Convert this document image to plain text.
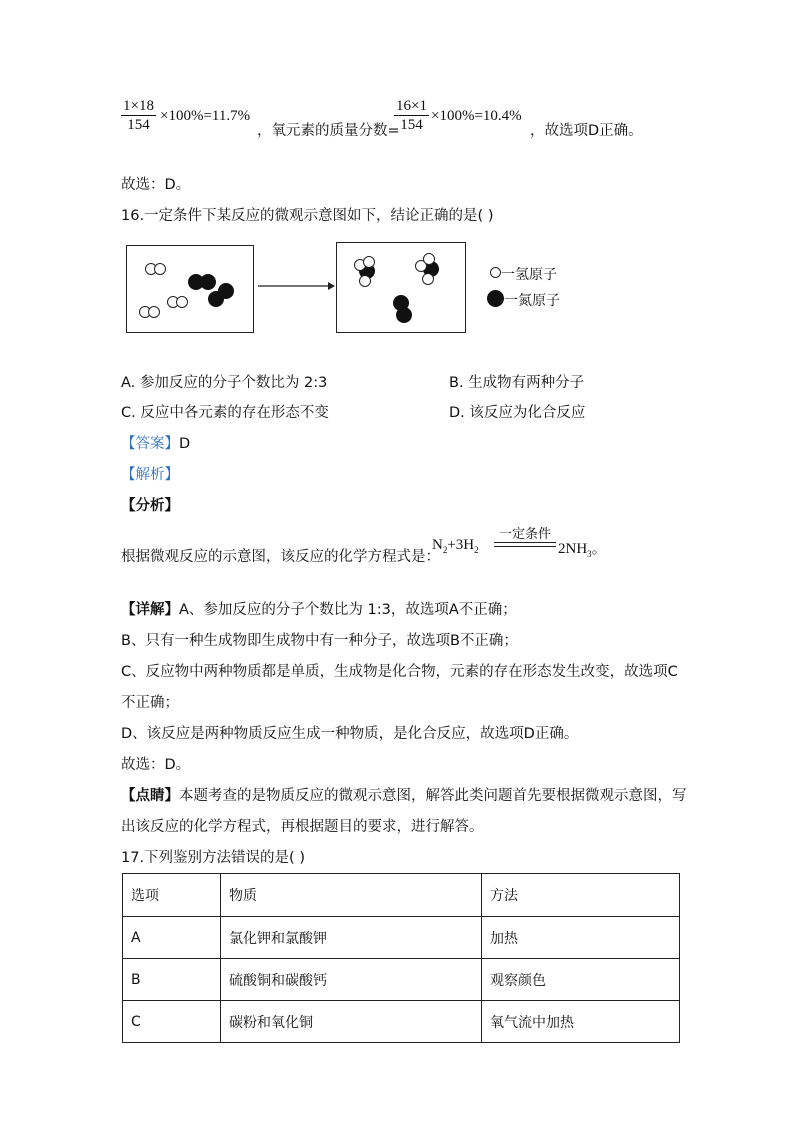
$\frac{1\times 18}{154} \times 100\%=11.7\%$
，氧元素的质量分数=
$\frac{16\times 1}{154} \times 100\%=10.4\%$
，故选项D正确。
故选：D。
16.一定条件下某反应的微观示意图如下，结论正确的是( )
一氢原子
一氮原子
A. 参加反应的分子个数比为 2:3	B. 生成物有两种分子
C. 反应中各元素的存在形态不变	D. 该反应为化合反应
【答案】D
【解析】
【分析】
根据微观反应的示意图，该反应的化学方程式是：
$N_2+3H_2$
一定条件
$2NH_3$。
【详解】A、参加反应的分子个数比为 1:3，故选项A不正确；
B、只有一种生成物即生成物中有一种分子，故选项B不正确；
C、反应物中两种物质都是单质，生成物是化合物，元素的存在形态发生改变，故选项C
不正确；
D、该反应是两种物质反应生成一种物质，是化合反应，故选项D正确。
故选：D。
【点睛】本题考查的是物质反应的微观示意图，解答此类问题首先要根据微观示意图，写
出该反应的化学方程式，再根据题目的要求，进行解答。
17.下列鉴别方法错误的是( )
选项	物质	方法
A	氯化钾和氯酸钾	加热
B	硫酸铜和碳酸钙	观察颜色
C	碳粉和氧化铜	氧气流中加热
